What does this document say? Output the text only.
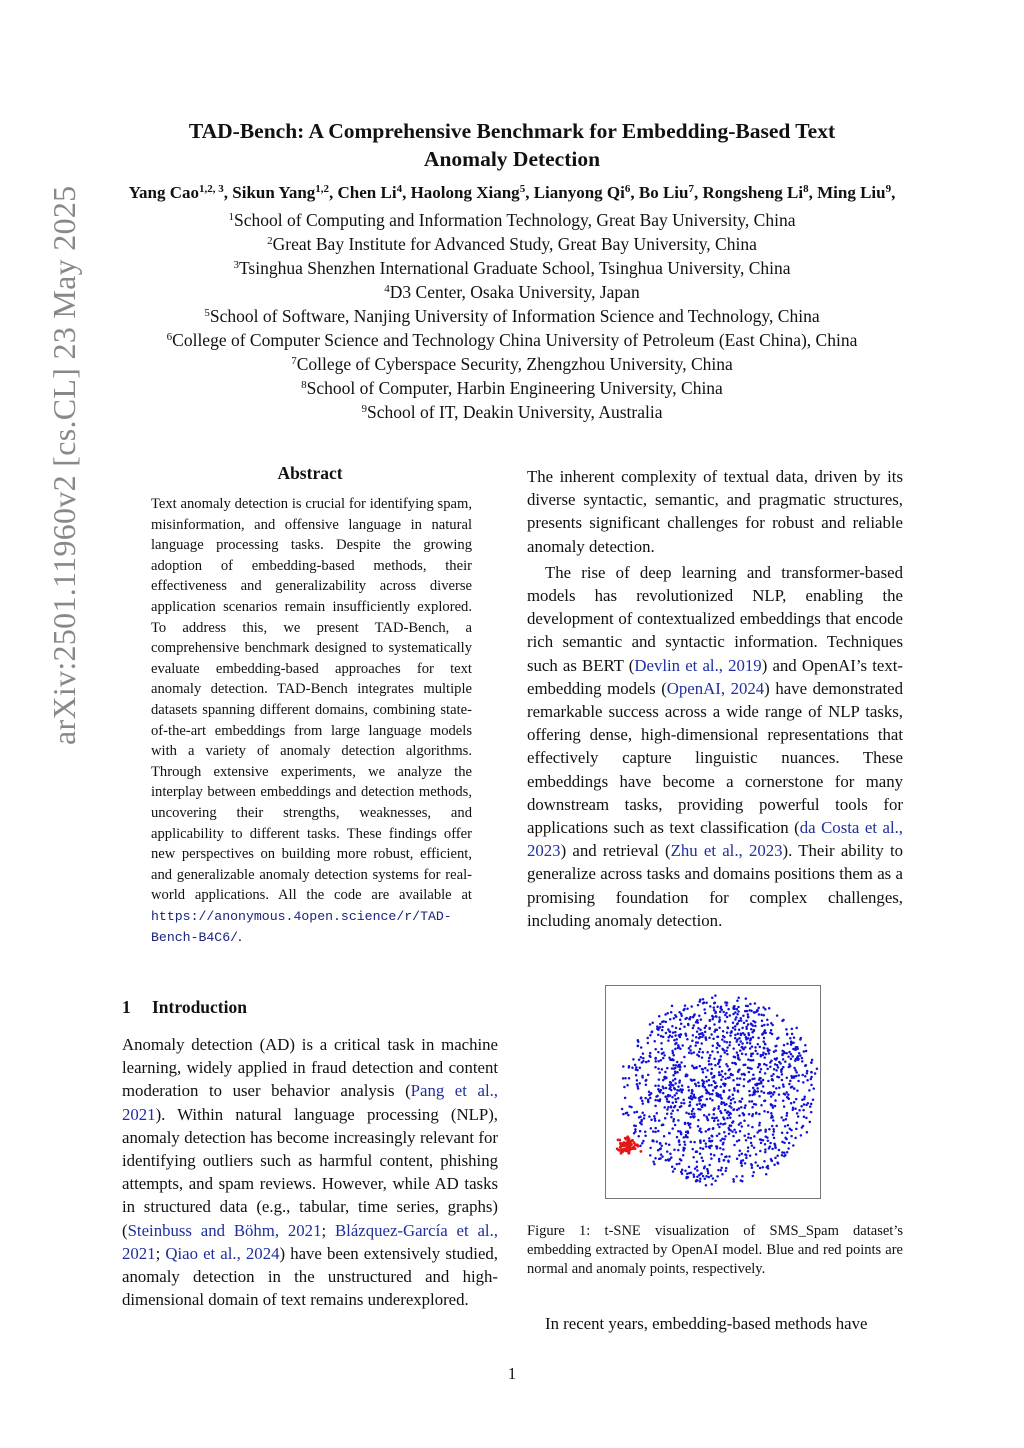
TAD-Bench: A Comprehensive Benchmark for Embedding-Based Text
Anomaly Detection
Yang Cao$^{1,2, 3}$, Sikun Yang$^{1,2}$, Chen Li$^4$, Haolong Xiang$^5$, Lianyong Qi$^6$, Bo Liu$^7$, Rongsheng Li$^8$, Ming Liu$^9$,
$^1$School of Computing and Information Technology, Great Bay University, China
$^2$Great Bay Institute for Advanced Study, Great Bay University, China
$^3$Tsinghua Shenzhen International Graduate School, Tsinghua University, China
$^4$D3 Center, Osaka University, Japan
$^5$School of Software, Nanjing University of Information Science and Technology, China
$^6$College of Computer Science and Technology China University of Petroleum (East China), China
$^7$College of Cyberspace Security, Zhengzhou University, China
$^8$School of Computer, Harbin Engineering University, China
$^9$School of IT, Deakin University, Australia
arXiv:2501.11960v2 [cs.CL] 23 May 2025	Abstract
Text anomaly detection is crucial for identifying spam, misinformation, and offensive language in natural language processing tasks. Despite the growing adoption of embedding-based methods, their effectiveness and generalizability across diverse application scenarios remain insufficiently explored. To address this, we present TAD-Bench, a comprehensive benchmark designed to systematically evaluate embedding-based approaches for text anomaly detection. TAD-Bench integrates multiple datasets spanning different domains, combining state-of-the-art embeddings from large language models with a variety of anomaly detection algorithms. Through extensive experiments, we analyze the interplay between embeddings and detection methods, uncovering their strengths, weaknesses, and applicability to different tasks. These findings offer new perspectives on building more robust, efficient, and generalizable anomaly detection systems for real-world applications. All the code are available at https://anonymous.4open.science/r/TAD-Bench-B4C6/.
1 Introduction
Anomaly detection (AD) is a critical task in machine learning, widely applied in fraud detection and content moderation to user behavior analysis (Pang et al., 2021). Within natural language processing (NLP), anomaly detection has become increasingly relevant for identifying outliers such as harmful content, phishing attempts, and spam reviews. However, while AD tasks in structured data (e.g., tabular, time series, graphs) (Steinbuss and Böhm, 2021; Blázquez-García et al., 2021; Qiao et al., 2024) have been extensively studied, anomaly detection in the unstructured and high-dimensional domain of text remains underexplored.

The inherent complexity of textual data, driven by its diverse syntactic, semantic, and pragmatic structures, presents significant challenges for robust and reliable anomaly detection.

The rise of deep learning and transformer-based models has revolutionized NLP, enabling the development of contextualized embeddings that encode rich semantic and syntactic information. Techniques such as BERT (Devlin et al., 2019) and OpenAI’s text-embedding models (OpenAI, 2024) have demonstrated remarkable success across a wide range of NLP tasks, offering dense, high-dimensional representations that effectively capture linguistic nuances. These embeddings have become a cornerstone for many downstream tasks, providing powerful tools for applications such as text classification (da Costa et al., 2023) and retrieval (Zhu et al., 2023). Their ability to generalize across tasks and domains positions them as a promising foundation for complex challenges, including anomaly detection.

Figure 1: t-SNE visualization of SMS_Spam dataset’s embedding extracted by OpenAI model. Blue and red points are normal and anomaly points, respectively.
In recent years, embedding-based methods have
1
